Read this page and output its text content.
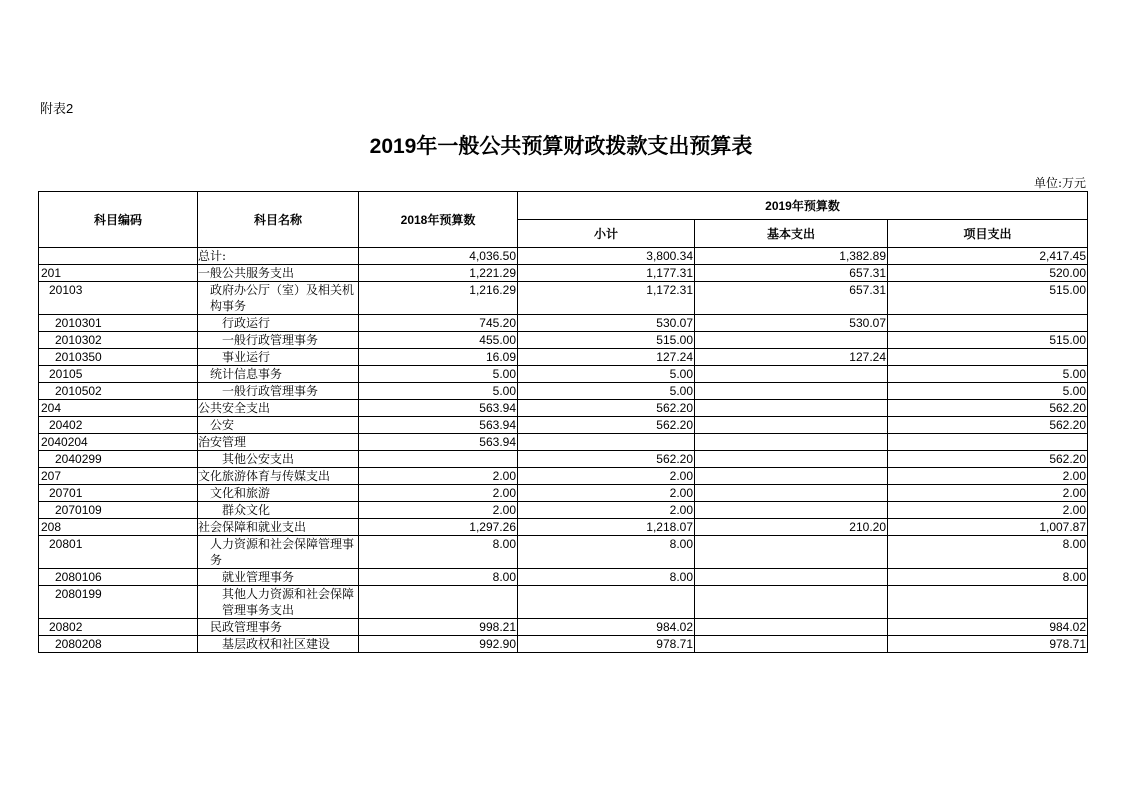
附表2
2019年一般公共预算财政拨款支出预算表
单位:万元
科目编码	科目名称	2018年预算数	2019年预算数		
			小计	基本支出	项目支出
	总计:	4,036.50	3,800.34	1,382.89	2,417.45
201	一般公共服务支出	1,221.29	1,177.31	657.31	520.00
20103	政府办公厅（室）及相关机构事务	1,216.29	1,172.31	657.31	515.00
2010301	行政运行	745.20	530.07	530.07	
2010302	一般行政管理事务	455.00	515.00		515.00
2010350	事业运行	16.09	127.24	127.24	
20105	统计信息事务	5.00	5.00		5.00
2010502	一般行政管理事务	5.00	5.00		5.00
204	公共安全支出	563.94	562.20		562.20
20402	公安	563.94	562.20		562.20
2040204	治安管理	563.94			
2040299	其他公安支出		562.20		562.20
207	文化旅游体育与传媒支出	2.00	2.00		2.00
20701	文化和旅游	2.00	2.00		2.00
2070109	群众文化	2.00	2.00		2.00
208	社会保障和就业支出	1,297.26	1,218.07	210.20	1,007.87
20801	人力资源和社会保障管理事务	8.00	8.00		8.00
2080106	就业管理事务	8.00	8.00		8.00
2080199	其他人力资源和社会保障管理事务支出				
20802	民政管理事务	998.21	984.02		984.02
2080208	基层政权和社区建设	992.90	978.71		978.71
